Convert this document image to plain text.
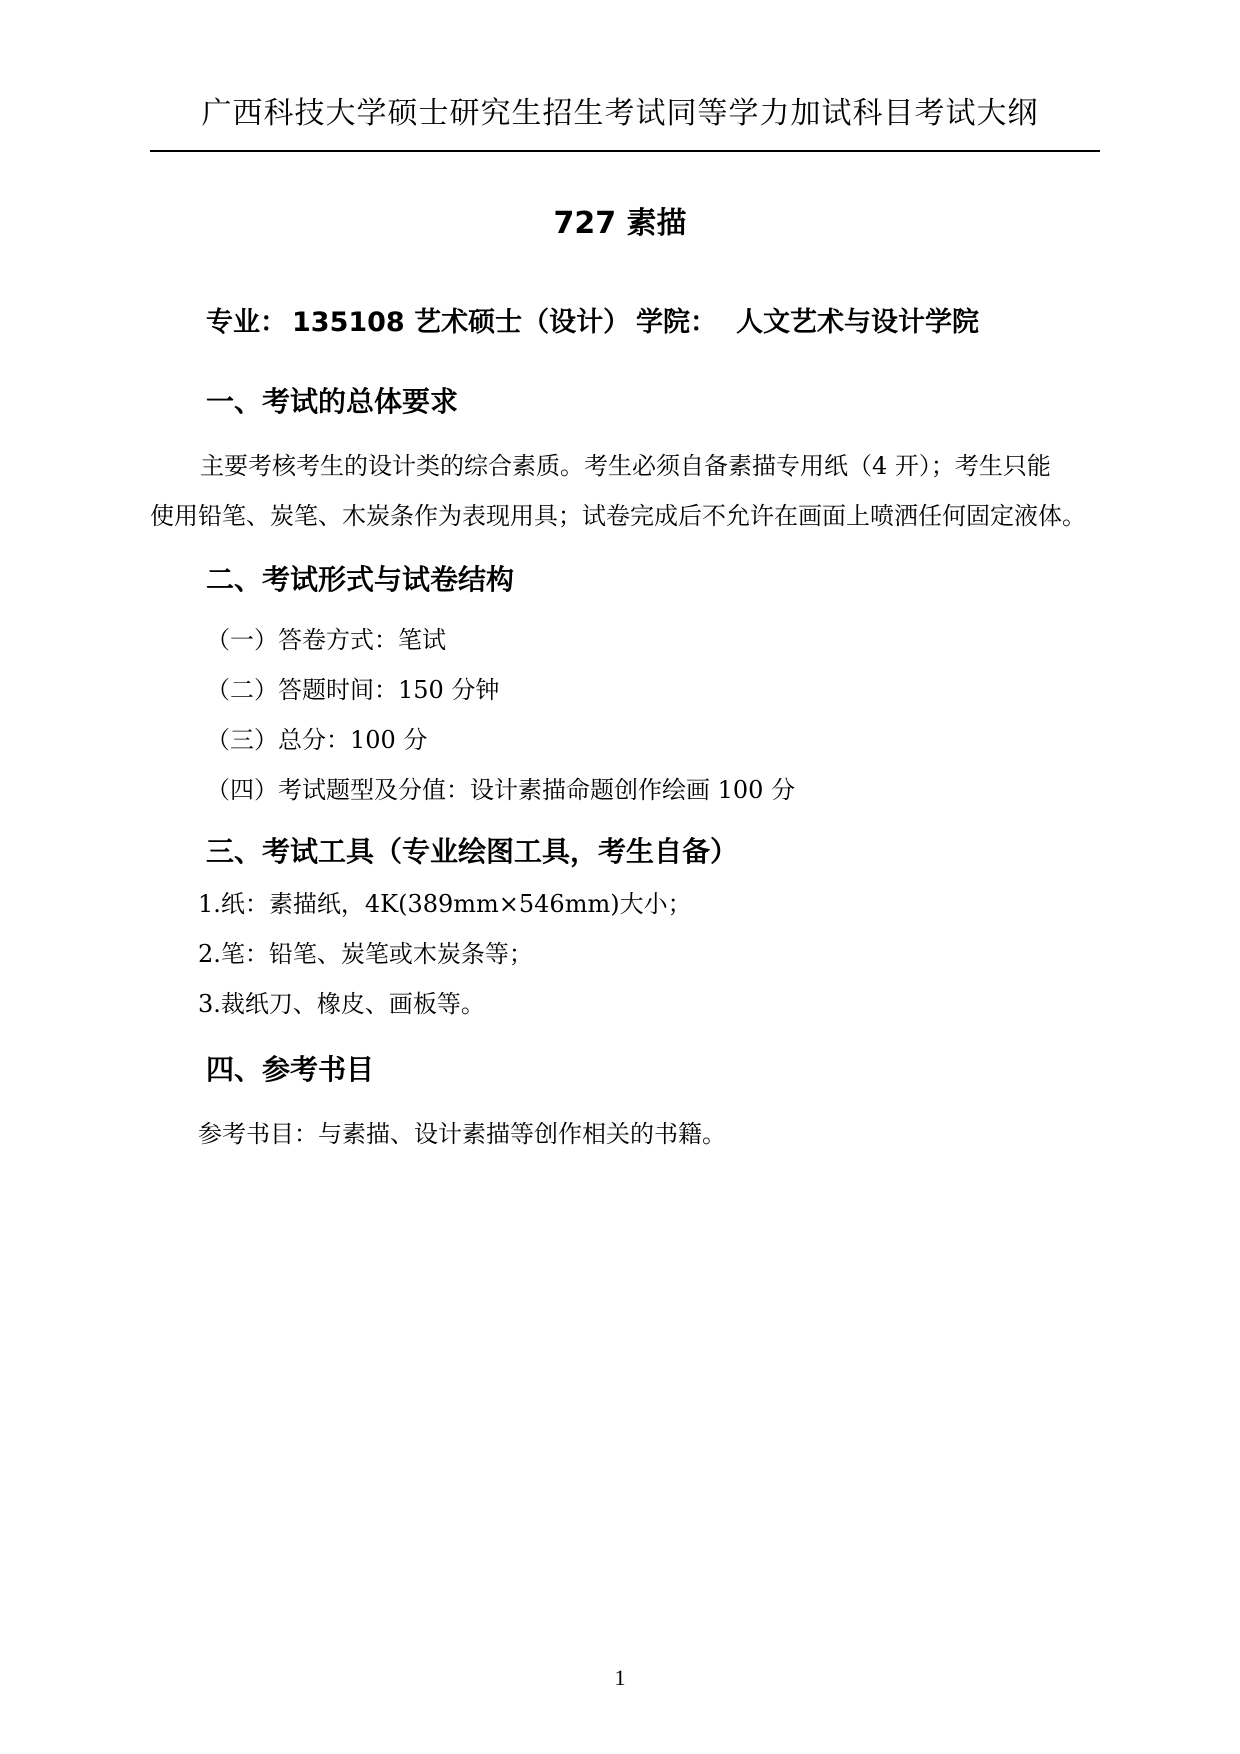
广西科技大学硕士研究生招生考试同等学力加试科目考试大纲
727 素描
专业： 135108 艺术硕士（设计） 学院： 人文艺术与设计学院
一、考试的总体要求
主要考核考生的设计类的综合素质。考生必须自备素描专用纸（4 开）；考生只能
使用铅笔、炭笔、木炭条作为表现用具；试卷完成后不允许在画面上喷洒任何固定液体。
二、考试形式与试卷结构
（一）答卷方式：笔试
（二）答题时间：150 分钟
（三）总分：100 分
（四）考试题型及分值：设计素描命题创作绘画 100 分
三、考试工具（专业绘图工具，考生自备）
1.纸：素描纸，4K(389mm×546mm)大小；
2.笔：铅笔、炭笔或木炭条等；
3.裁纸刀、橡皮、画板等。
四、参考书目
参考书目：与素描、设计素描等创作相关的书籍。
1
